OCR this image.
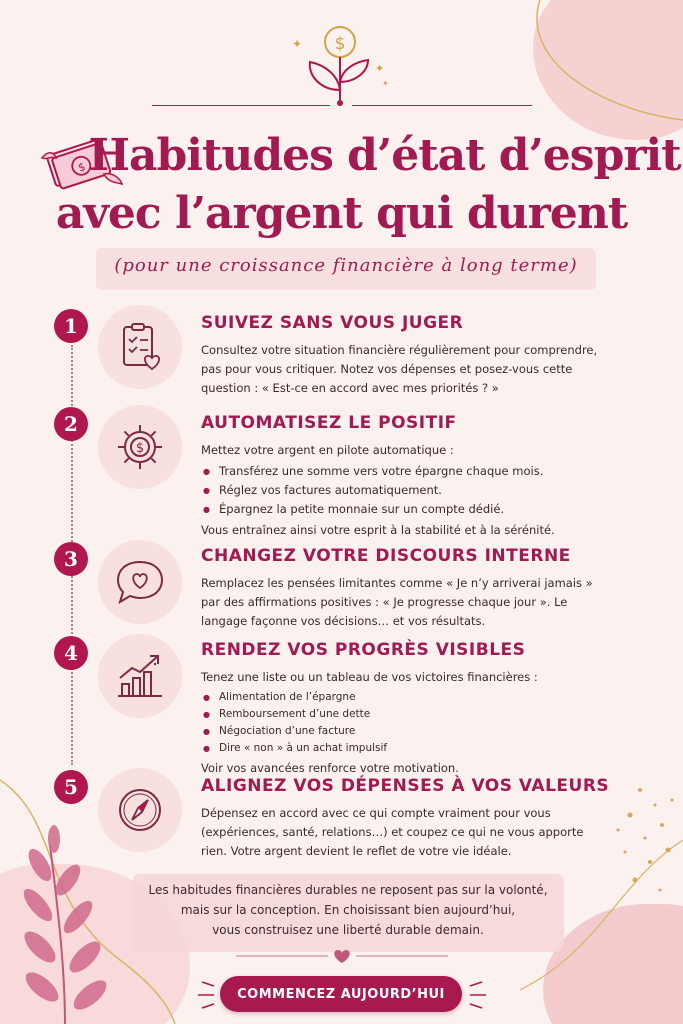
$
✦
✦
✦
$ Habitudes d’état d’esprit
avec l’argent qui durent
(pour une croissance financière à long terme)
1	SUIVEZ SANS VOUS JUGER

Consultez votre situation financière régulièrement pour comprendre, pas pour vous critiquer. Notez vos dépenses et posez-vous cette question : « Est-ce en accord avec mes priorités ? »

2
$

AUTOMATISEZ LE POSITIF

Mettez votre argent en pilote automatique :

● Transférez une somme vers votre épargne chaque mois.
● Réglez vos factures automatiquement.
● Épargnez la petite monnaie sur un compte dédié.

Vous entraînez ainsi votre esprit à la stabilité et à la sérénité.

3	CHANGEZ VOTRE DISCOURS INTERNE

Remplacez les pensées limitantes comme « Je n’y arriverai jamais » par des affirmations positives : « Je progresse chaque jour ». Le langage façonne vos décisions… et vos résultats.

4	RENDEZ VOS PROGRÈS VISIBLES

Tenez une liste ou un tableau de vos victoires financières :

● Alimentation de l’épargne
● Remboursement d’une dette
● Négociation d’une facture
● Dire « non » à un achat impulsif

Voir vos avancées renforce votre motivation.

5	ALIGNEZ VOS DÉPENSES À VOS VALEURS

Dépensez en accord avec ce qui compte vraiment pour vous (expériences, santé, relations…) et coupez ce qui ne vous apporte rien. Votre argent devient le reflet de votre vie idéale.

Les habitudes financières durables ne reposent pas sur la volonté,
mais sur la conception. En choisissant bien aujourd’hui,
vous construisez une liberté durable demain.
COMMENCEZ AUJOURD’HUI
